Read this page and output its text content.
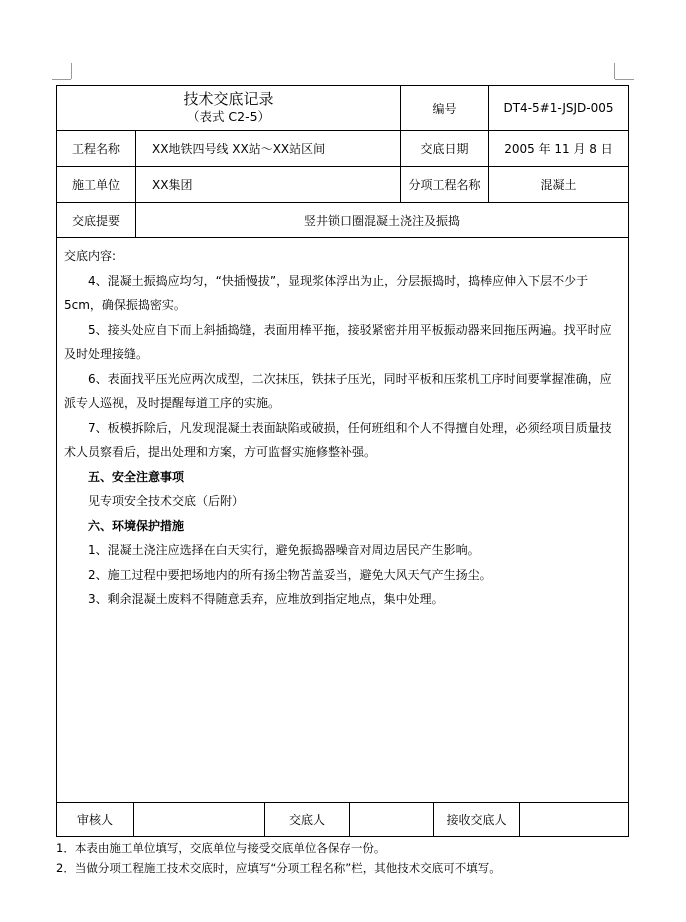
技术交底记录
（表式 C2-5）
编号	DT4-5#1-JSJD-005
工程名称	XX地铁四号线 XX站～XX站区间	交底日期	2005 年 11 月 8 日
施工单位	XX集团	分项工程名称	混凝土
交底提要	竖井锁口圈混凝土浇注及振捣

交底内容:

4、混凝土振捣应均匀，“快插慢拔”，显现浆体浮出为止，分层振捣时，捣棒应伸入下层不少于 5cm，确保振捣密实。

5、接头处应自下而上斜插捣缝，表面用棒平拖，接驳紧密并用平板振动器来回拖压两遍。找平时应及时处理接缝。

6、表面找平压光应两次成型，二次抹压，铁抹子压光，同时平板和压浆机工序时间要掌握准确，应派专人巡视，及时提醒每道工序的实施。

7、板模拆除后，凡发现混凝土表面缺陷或破损，任何班组和个人不得擅自处理，必须经项目质量技术人员察看后，提出处理和方案，方可监督实施修整补强。

五、安全注意事项

见专项安全技术交底（后附）

六、环境保护措施

1、混凝土浇注应选择在白天实行，避免振捣器噪音对周边居民产生影响。

2、施工过程中要把场地内的所有扬尘物苫盖妥当，避免大风天气产生扬尘。

3、剩余混凝土废料不得随意丢弃，应堆放到指定地点，集中处理。

审核人	交底人	接收交底人

1．本表由施工单位填写，交底单位与接受交底单位各保存一份。

2．当做分项工程施工技术交底时，应填写“分项工程名称”栏，其他技术交底可不填写。
